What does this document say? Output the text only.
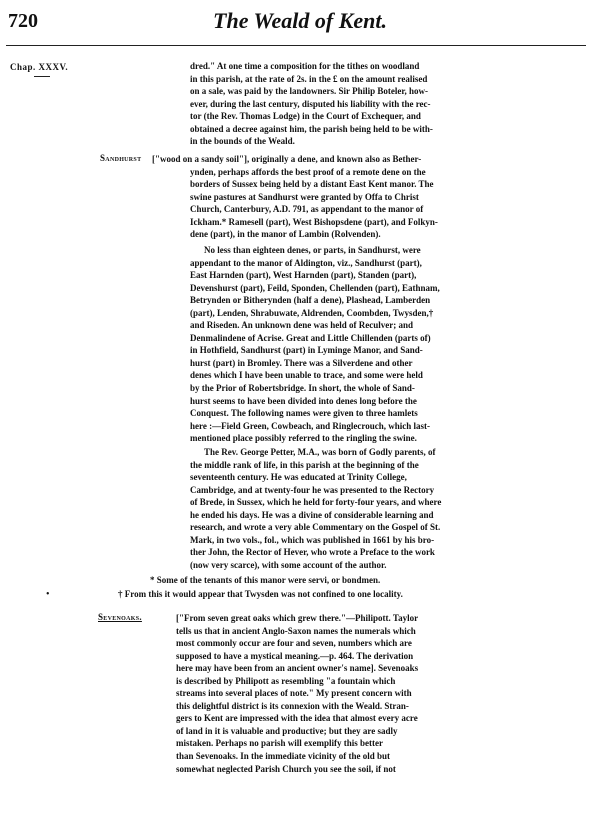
720	The Weald of Kent.
Chap. XXXV.	dred." At one time a composition for the tithes on woodland
in this parish, at the rate of 2s. in the £ on the amount realised
on a sale, was paid by the landowners. Sir Philip Boteler, how-
ever, during the last century, disputed his liability with the rec-
tor (the Rev. Thomas Lodge) in the Court of Exchequer, and
obtained a decree against him, the parish being held to be with-
in the bounds of the Weald.
Sandhurst ["wood on a sandy soil"], originally a dene, and known also as Bether-
ynden, perhaps affords the best proof of a remote dene on the
borders of Sussex being held by a distant East Kent manor. The
swine pastures at Sandhurst were granted by Offa to Christ
Church, Canterbury, A.D. 791, as appendant to the manor of
Ickham.* Ramesell (part), West Bishopsdene (part), and Folkyn-
dene (part), in the manor of Lambin (Rolvenden).
No less than eighteen denes, or parts, in Sandhurst, were
appendant to the manor of Aldington, viz., Sandhurst (part),
East Harnden (part), West Harnden (part), Standen (part),
Devenshurst (part), Feild, Sponden, Chellenden (part), Eathnam,
Betrynden or Bitherynden (half a dene), Plashead, Lamberden
(part), Lenden, Shrabuwate, Aldrenden, Coombden, Twysden,†
and Riseden. An unknown dene was held of Reculver; and
Denmalindene of Acrise. Great and Little Chillenden (parts of)
in Hothfield, Sandhurst (part) in Lyminge Manor, and Sand-
hurst (part) in Bromley. There was a Silverdene and other
denes which I have been unable to trace, and some were held
by the Prior of Robertsbridge. In short, the whole of Sand-
hurst seems to have been divided into denes long before the
Conquest. The following names were given to three hamlets
here :—Field Green, Cowbeach, and Ringlecrouch, which last-
mentioned place possibly referred to the ringling the swine.
The Rev. George Petter, M.A., was born of Godly parents, of
the middle rank of life, in this parish at the beginning of the
seventeenth century. He was educated at Trinity College,
Cambridge, and at twenty-four he was presented to the Rectory
of Brede, in Sussex, which he held for forty-four years, and where
he ended his days. He was a divine of considerable learning and
research, and wrote a very able Commentary on the Gospel of St.
Mark, in two vols., fol., which was published in 1661 by his bro-
ther John, the Rector of Hever, who wrote a Preface to the work
(now very scarce), with some account of the author.
* Some of the tenants of this manor were servi, or bondmen.
† From this it would appear that Twysden was not confined to one locality.
•
Sevenoaks.	["From seven great oaks which grew there."—Philipott. Taylor
tells us that in ancient Anglo-Saxon names the numerals which
most commonly occur are four and seven, numbers which are
supposed to have a mystical meaning.—p. 464. The derivation
here may have been from an ancient owner's name]. Sevenoaks
is described by Philipott as resembling "a fountain which
streams into several places of note." My present concern with
this delightful district is its connexion with the Weald. Stran-
gers to Kent are impressed with the idea that almost every acre
of land in it is valuable and productive; but they are sadly
mistaken. Perhaps no parish will exemplify this better
than Sevenoaks. In the immediate vicinity of the old but
somewhat neglected Parish Church you see the soil, if not
